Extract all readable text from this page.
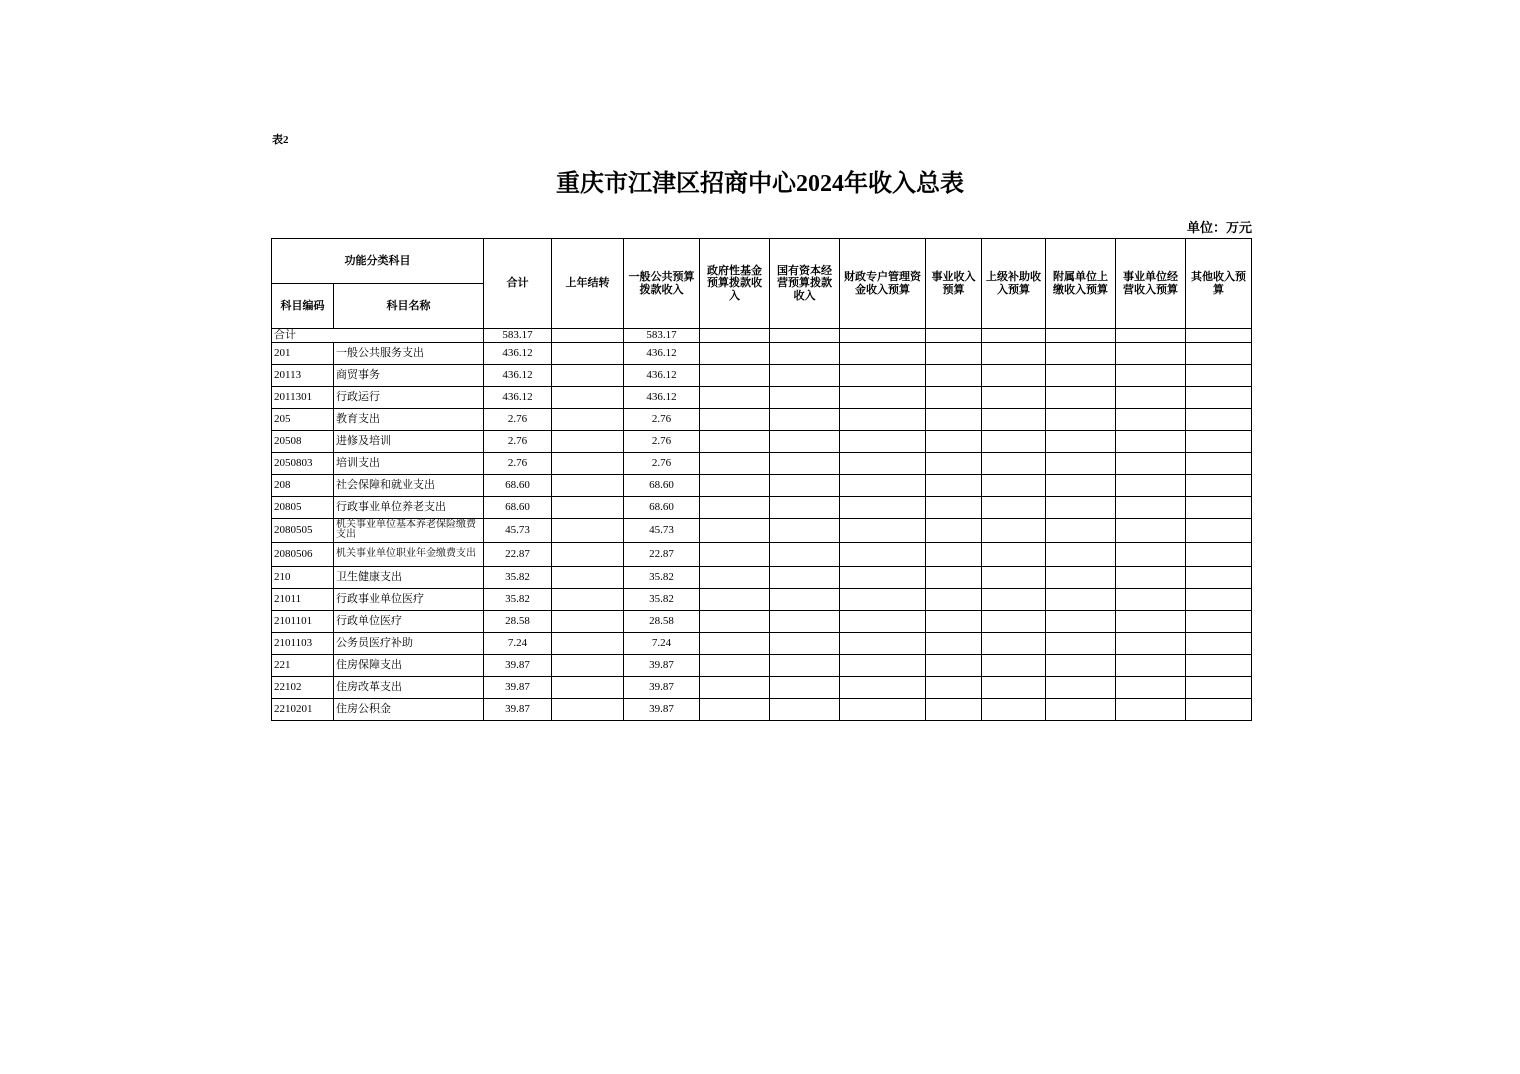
表2
重庆市江津区招商中心2024年收入总表
单位：万元
功能分类科目		合计	上年结转	一般公共预算拨款收入	政府性基金预算拨款收入	国有资本经营预算拨款收入	财政专户管理资金收入预算	事业收入预算	上级补助收入预算	附属单位上缴收入预算	事业单位经营收入预算	其他收入预算
科目编码	科目名称											
合计		583.17		583.17								
201	一般公共服务支出	436.12		436.12								
20113	商贸事务	436.12		436.12								
2011301	行政运行	436.12		436.12								
205	教育支出	2.76		2.76								
20508	进修及培训	2.76		2.76								
2050803	培训支出	2.76		2.76								
208	社会保障和就业支出	68.60		68.60								
20805	行政事业单位养老支出	68.60		68.60								
2080505	机关事业单位基本养老保险缴费支出	45.73		45.73								
2080506	机关事业单位职业年金缴费支出	22.87		22.87								
210	卫生健康支出	35.82		35.82								
21011	行政事业单位医疗	35.82		35.82								
2101101	行政单位医疗	28.58		28.58								
2101103	公务员医疗补助	7.24		7.24								
221	住房保障支出	39.87		39.87								
22102	住房改革支出	39.87		39.87								
2210201	住房公积金	39.87		39.87								
